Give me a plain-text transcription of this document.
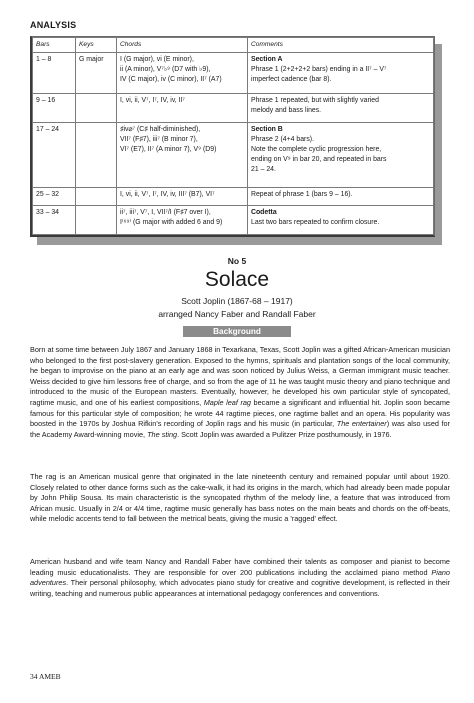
ANALYSIS
Bars	Keys	Chords	Comments
1 – 8	G major	I (G major), vi (E minor),
ii (A minor), V⁷♭⁹ (D7 with ♭9),
IV (C major), iv (C minor), II⁷ (A7)	Section A
Phrase 1 (2+2+2+2 bars) ending in a II⁷ – V⁷
imperfect cadence (bar 8).

9 – 16		I, vi, ii, V⁷, I⁷, IV, iv, II⁷	Phrase 1 repeated, but with slightly varied
melody and bass lines.

17 – 24		♯iv⌀⁷ (C♯ half-diminished),
VII⁷ (F♯7), iii⁷ (B minor 7),
VI⁷ (E7), II⁷ (A minor 7), V⁹ (D9)	Section B
Phrase 2 (4+4 bars).
Note the complete cyclic progression here,
ending on V⁹ in bar 20, and repeated in bars
21 – 24.

25 – 32		I, vi, ii, V⁷, I⁷, IV, iv, III⁷ (B7), VI⁷	Repeat of phrase 1 (bars 9 – 16).

33 – 34		ii⁷, iii⁷, V⁷, I, VII⁷/I (F♯7 over I),
I⁽⁶⁹⁾ (G major with added 6 and 9)	Codetta
Last two bars repeated to confirm closure.
No 5
Solace
Scott Joplin (1867-68 – 1917)
arranged Nancy Faber and Randall Faber
Background
Born at some time between July 1867 and January 1868 in Texarkana, Texas, Scott Joplin was a gifted African-American musician who belonged to the first post-slavery generation. Exposed to the hymns, spirituals and plantation songs of the local community, he began to improvise on the piano at an early age and was soon noticed by Julius Weiss, a German immigrant music teacher. Weiss decided to give him lessons free of charge, and so from the age of 11 he was taught music theory and piano technique and introduced to the music of the European masters. Eventually, however, he developed his own particular style of syncopated, ragtime music, and one of his earliest compositions, Maple leaf rag became a significant and influential hit. Joplin soon became famous for this particular style of composition; he wrote 44 ragtime pieces, one ragtime ballet and an opera. His popularity was boosted in the 1970s by Joshua Rifkin's recording of Joplin rags and his music (in particular, The entertainer) was also used for the Academy Award-winning movie, The sting. Scott Joplin was awarded a Pulitzer Prize posthumously, in 1976.
The rag is an American musical genre that originated in the late nineteenth century and remained popular until about 1920. Closely related to other dance forms such as the cake-walk, it had its origins in the march, which had already been made popular by John Philip Sousa. Its main characteristic is the syncopated rhythm of the melody line, a feature that was introduced from African music. Usually in 2/4 or 4/4 time, ragtime music generally has bass notes on the main beats and chords on the off-beats, while melodic accents tend to fall between the metrical beats, giving the music a 'ragged' effect.
American husband and wife team Nancy and Randall Faber have combined their talents as composer and pianist to become leading music educationalists. They are responsible for over 200 publications including the acclaimed piano method Piano adventures. Their personal philosophy, which advocates piano study for creative and cognitive development, is reflected in their writing, teaching and numerous public appearances at international pedagogy conferences and conventions.
34 AMEB
